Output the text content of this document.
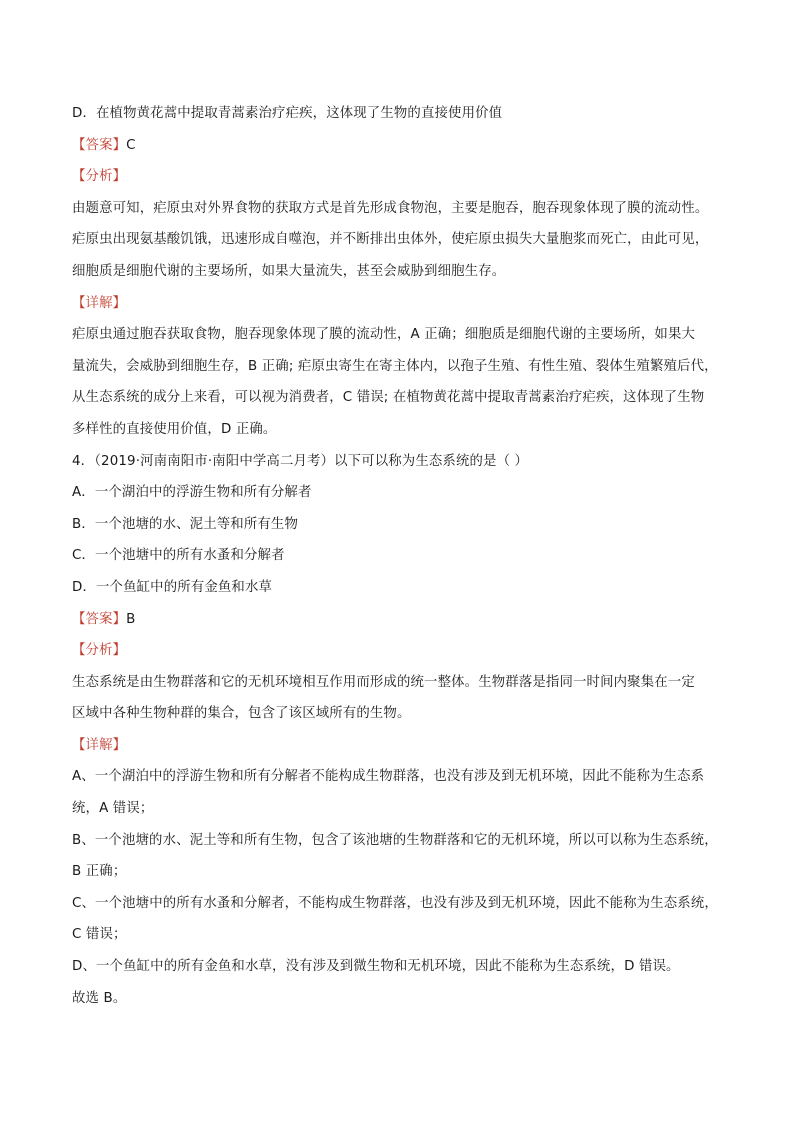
D．在植物黄花蒿中提取青蒿素治疗疟疾，这体现了生物的直接使用价值
【答案】C
【分析】
由题意可知，疟原虫对外界食物的获取方式是首先形成食物泡，主要是胞吞，胞吞现象体现了膜的流动性。
疟原虫出现氨基酸饥饿，迅速形成自噬泡，并不断排出虫体外，使疟原虫损失大量胞浆而死亡，由此可见，
细胞质是细胞代谢的主要场所，如果大量流失，甚至会威胁到细胞生存。
【详解】
疟原虫通过胞吞获取食物，胞吞现象体现了膜的流动性，A 正确；细胞质是细胞代谢的主要场所，如果大
量流失，会威胁到细胞生存，B 正确; 疟原虫寄生在寄主体内，以孢子生殖、有性生殖、裂体生殖繁殖后代，
从生态系统的成分上来看，可以视为消费者，C 错误; 在植物黄花蒿中提取青蒿素治疗疟疾，这体现了生物
多样性的直接使用价值，D 正确。
4．（2019·河南南阳市·南阳中学高二月考）以下可以称为生态系统的是（ ）
A．一个湖泊中的浮游生物和所有分解者
B．一个池塘的水、泥土等和所有生物
C．一个池塘中的所有水蚤和分解者
D．一个鱼缸中的所有金鱼和水草
【答案】B
【分析】
生态系统是由生物群落和它的无机环境相互作用而形成的统一整体。生物群落是指同一时间内聚集在一定
区域中各种生物种群的集合，包含了该区域所有的生物。
【详解】
A、一个湖泊中的浮游生物和所有分解者不能构成生物群落，也没有涉及到无机环境，因此不能称为生态系
统，A 错误；
B、一个池塘的水、泥土等和所有生物，包含了该池塘的生物群落和它的无机环境，所以可以称为生态系统，
B 正确；
C、一个池塘中的所有水蚤和分解者，不能构成生物群落，也没有涉及到无机环境，因此不能称为生态系统，
C 错误；
D、一个鱼缸中的所有金鱼和水草，没有涉及到微生物和无机环境，因此不能称为生态系统，D 错误。
故选 B。
